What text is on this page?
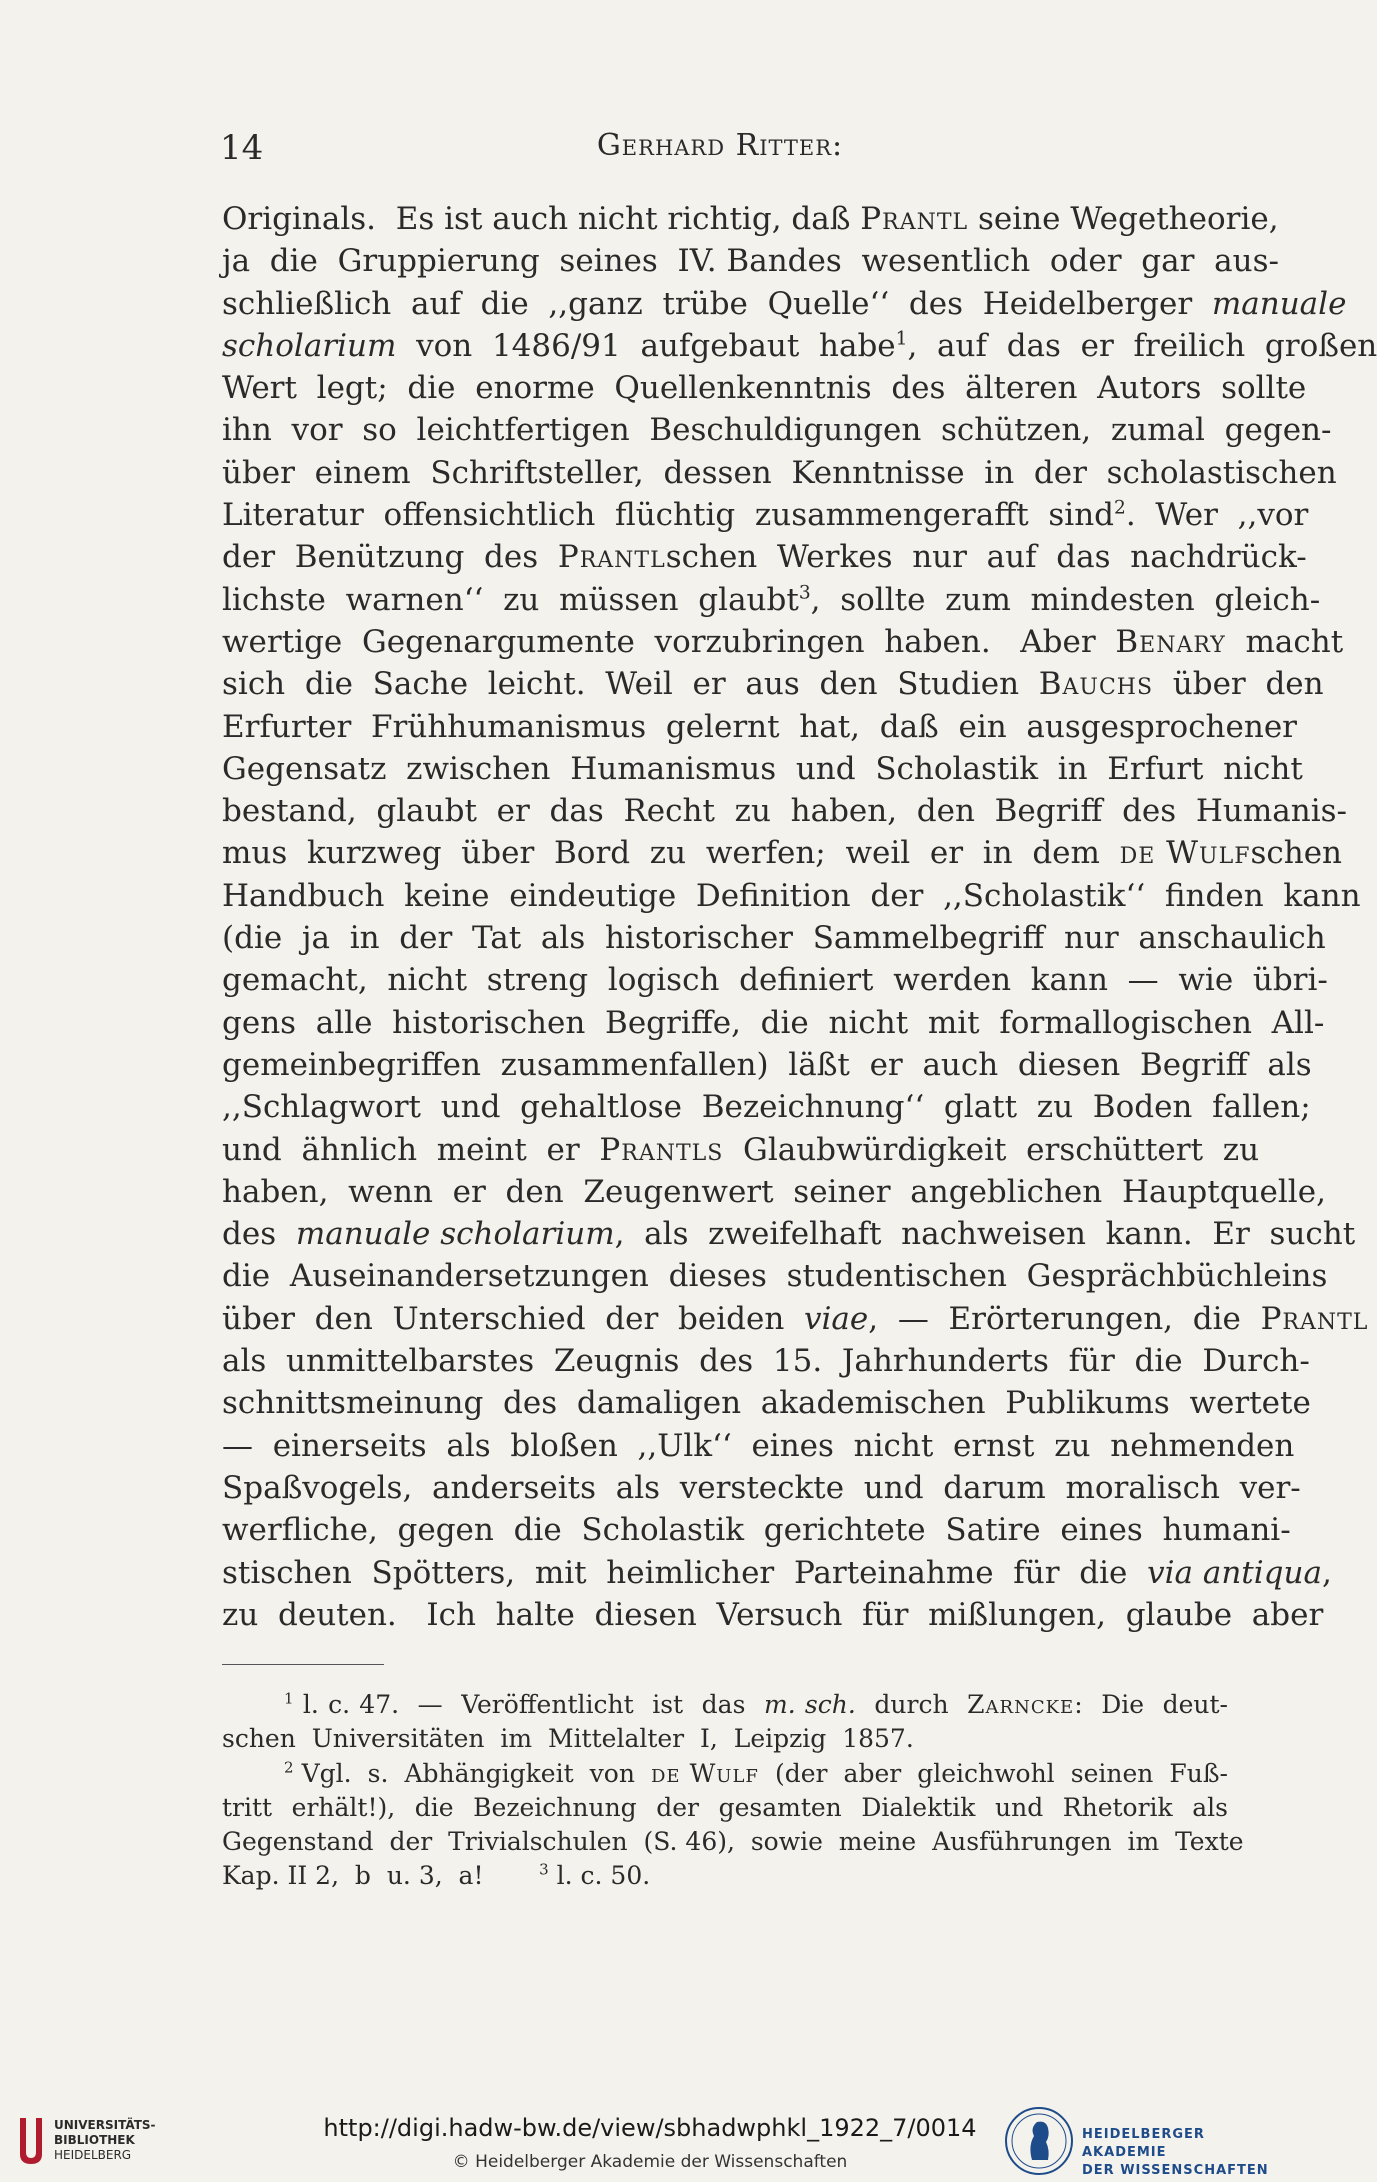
14	Gerhard Ritter:
Originals.  Es ist auch nicht richtig, daß Prantl seine Wegetheorie,
ja  die  Gruppierung  seines  IV. Bandes  wesentlich  oder  gar  aus-
schließlich  auf  die  ,,ganz  trübe  Quelle‘‘  des  Heidelberger  manuale
scholarium  von  1486/91  aufgebaut  habe$^1$,  auf  das  er  freilich  großen
Wert  legt;  die  enorme  Quellenkenntnis  des  älteren  Autors  sollte
ihn  vor  so  leichtfertigen  Beschuldigungen  schützen,  zumal  gegen-
über  einem  Schriftsteller,  dessen  Kenntnisse  in  der  scholastischen
Literatur  offensichtlich  flüchtig  zusammengerafft  sind$^2$.  Wer  ,,vor
der  Benützung  des  Prantlschen  Werkes  nur  auf  das  nachdrück-
lichste  warnen‘‘  zu  müssen  glaubt$^3$,  sollte  zum  mindesten  gleich-
wertige  Gegenargumente  vorzubringen  haben.   Aber  Benary  macht
sich  die  Sache  leicht.  Weil  er  aus  den  Studien  Bauchs  über  den
Erfurter  Frühhumanismus  gelernt  hat,  daß  ein  ausgesprochener
Gegensatz  zwischen  Humanismus  und  Scholastik  in  Erfurt  nicht
bestand,  glaubt  er  das  Recht  zu  haben,  den  Begriff  des  Humanis-
mus  kurzweg  über  Bord  zu  werfen;  weil  er  in  dem  de Wulfschen
Handbuch  keine  eindeutige  Definition  der  ,,Scholastik‘‘  finden  kann
(die  ja  in  der  Tat  als  historischer  Sammelbegriff  nur  anschaulich
gemacht,  nicht  streng  logisch  definiert  werden  kann  —  wie  übri-
gens  alle  historischen  Begriffe,  die  nicht  mit  formallogischen  All-
gemeinbegriffen  zusammenfallen)  läßt  er  auch  diesen  Begriff  als
,,Schlagwort  und  gehaltlose  Bezeichnung‘‘  glatt  zu  Boden  fallen;
und  ähnlich  meint  er  Prantls  Glaubwürdigkeit  erschüttert  zu
haben,  wenn  er  den  Zeugenwert  seiner  angeblichen  Hauptquelle,
des  manuale scholarium,  als  zweifelhaft  nachweisen  kann.  Er  sucht
die  Auseinandersetzungen  dieses  studentischen  Gesprächbüchleins
über  den  Unterschied  der  beiden  viae,  —  Erörterungen,  die  Prantl
als  unmittelbarstes  Zeugnis  des  15.  Jahrhunderts  für  die  Durch-
schnittsmeinung  des  damaligen  akademischen  Publikums  wertete
—  einerseits  als  bloßen  ,,Ulk‘‘  eines  nicht  ernst  zu  nehmenden
Spaßvogels,  anderseits  als  versteckte  und  darum  moralisch  ver-
werfliche,  gegen  die  Scholastik  gerichtete  Satire  eines  humani-
stischen  Spötters,  mit  heimlicher  Parteinahme  für  die  via antiqua,
zu  deuten.   Ich  halte  diesen  Versuch  für  mißlungen,  glaube  aber
$^1$ l. c. 47.  —  Veröffentlicht  ist  das  m. sch.  durch  Zarncke:  Die  deut-
schen  Universitäten  im  Mittelalter  I,  Leipzig  1857.
$^2$ Vgl.  s.  Abhängigkeit  von  de Wulf  (der  aber  gleichwohl  seinen  Fuß-
tritt  erhält!),  die  Bezeichnung  der  gesamten  Dialektik  und  Rhetorik  als
Gegenstand  der  Trivialschulen  (S. 46),  sowie  meine  Ausführungen  im  Texte
Kap. II 2,  b  u. 3,  a!       $^3$ l. c. 50.
UNIVERSITÄTS-
BIBLIOTHEK
HEIDELBERG
http://digi.hadw-bw.de/view/sbhadwphkl_1922_7/0014
© Heidelberger Akademie der Wissenschaften
HEIDELBERGER AKADEMIE
DER WISSENSCHAFTEN
